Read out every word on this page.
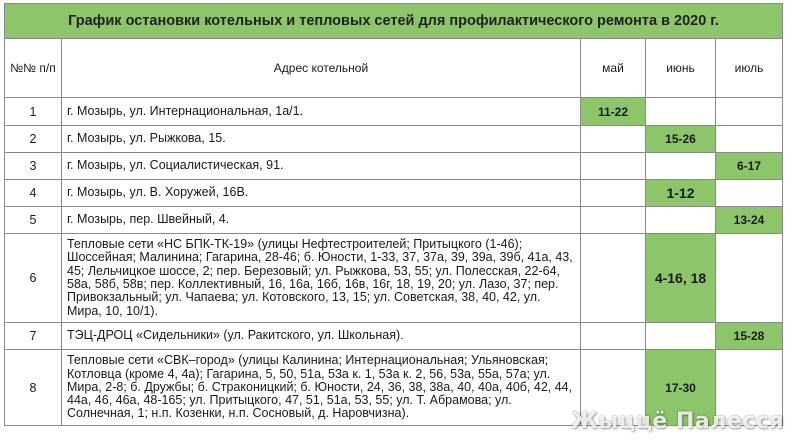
График остановки котельных и тепловых сетей для профилактического ремонта в 2020 г.				
№№ п/п	Адрес котельной	май	июнь	июль
1	г. Мозырь, ул. Интернациональная, 1а/1.	11-22		
2	г. Мозырь, ул. Рыжкова, 15.		15-26	
3	г. Мозырь, ул. Социалистическая, 91.			6-17
4	г. Мозырь, ул. В. Хоружей, 16В.		1-12	
5	г. Мозырь, пер. Швейный, 4.			13-24
6	Тепловые сети «НС БПК-ТК-19» (улицы Нефтестроителей; Притыцкого (1-46); Шоссейная; Малинина; Гагарина, 28-46; б. Юности, 1-33, 37, 37а, 39, 39а, 39б, 41а, 43, 45; Лельчицкое шоссе, 2; пер. Березовый; ул. Рыжкова, 53, 55; ул. Полесская, 22-64, 58а, 58б, 58в; пер. Коллективный, 16, 16а, 16б, 16в, 16г, 18, 19, 20; ул. Лазо, 37; пер. Привокзальный; ул. Чапаева; ул. Котовского, 13, 15; ул. Советская, 38, 40, 42, ул. Мира, 10, 10/1).		4-16, 18	
7	ТЭЦ-ДРОЦ «Сидельники» (ул. Ракитского, ул. Школьная).			15-28
8	Тепловые сети «СВК–город» (улицы Калинина; Интернациональная; Ульяновская; Котловца (кроме 4, 4а); Гагарина, 5, 50, 51а, 53а к. 1, 53а к. 2, 56, 53а, 55а, 57а; ул. Мира, 2-8; б. Дружбы; б. Страконицкий; б. Юности, 24, 36, 38, 38а, 40, 40а, 40б, 42, 44, 44а, 46, 46а, 48-165; ул. Притыцкого, 47, 51, 51а, 53, 55; ул. Т. Абрамова; ул. Солнечная, 1; н.п. Козенки, н.п. Сосновый, д. Наровчизна).		17-30	
Жыццё Палесся
